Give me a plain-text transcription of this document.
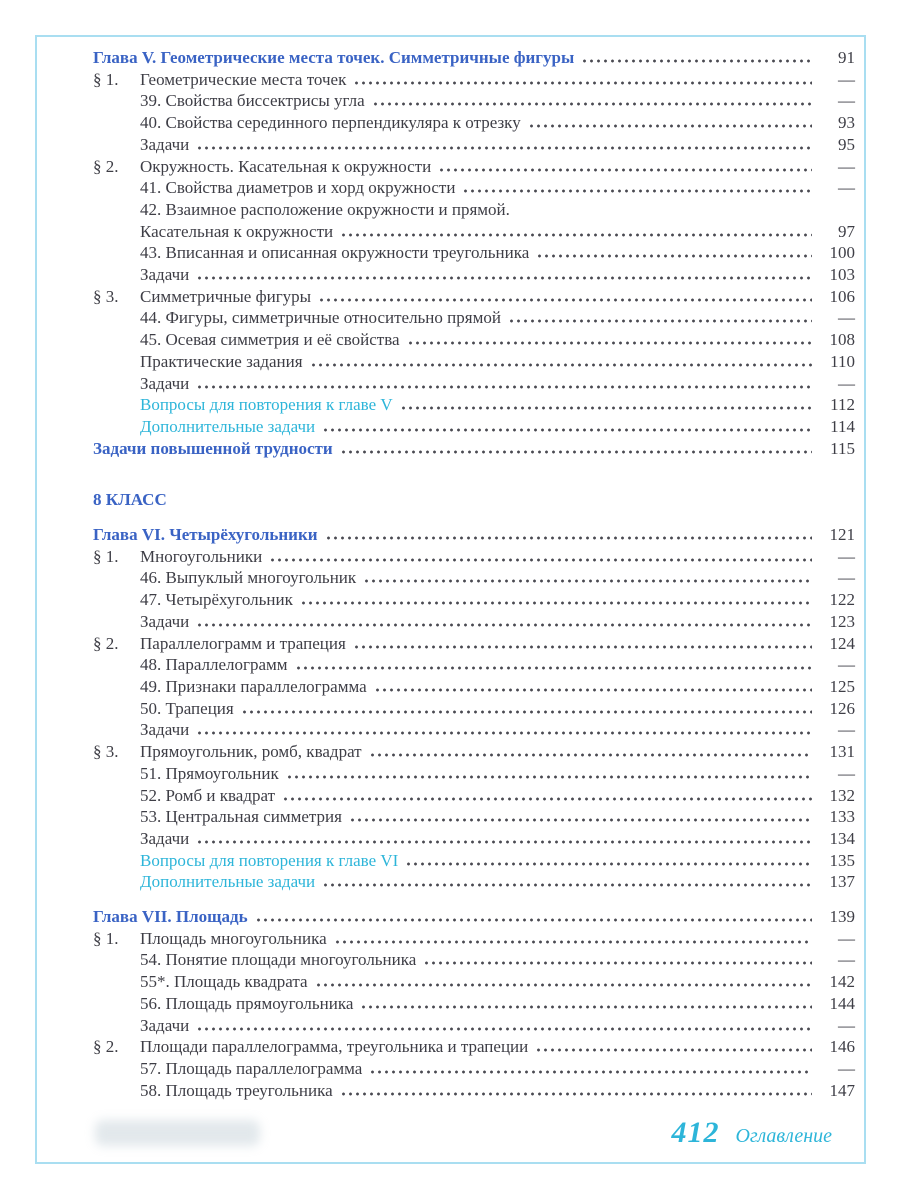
Глава V. Геометрические места точек. Симметричные фигуры	91
§ 1.	Геометрические места точек	—
39. Свойства биссектрисы угла	—
40. Свойства серединного перпендикуляра к отрезку	93
Задачи	95
§ 2.	Окружность. Касательная к окружности	—
41. Свойства диаметров и хорд окружности	—
42. Взаимное расположение окружности и прямой.
Касательная к окружности	97
43. Вписанная и описанная окружности треугольника	100
Задачи	103
§ 3.	Симметричные фигуры	106
44. Фигуры, симметричные относительно прямой	—
45. Осевая симметрия и её свойства	108
Практические задания	110
Задачи	—
Вопросы для повторения к главе V	112
Дополнительные задачи	114
Задачи повышенной трудности	115
8 КЛАСС
Глава VI. Четырёхугольники	121
§ 1.	Многоугольники	—
46. Выпуклый многоугольник	—
47. Четырёхугольник	122
Задачи	123
§ 2.	Параллелограмм и трапеция	124
48. Параллелограмм	—
49. Признаки параллелограмма	125
50. Трапеция	126
Задачи	—
§ 3.	Прямоугольник, ромб, квадрат	131
51. Прямоугольник	—
52. Ромб и квадрат	132
53. Центральная симметрия	133
Задачи	134
Вопросы для повторения к главе VI	135
Дополнительные задачи	137
Глава VII. Площадь	139
§ 1.	Площадь многоугольника	—
54. Понятие площади многоугольника	—
55*. Площадь квадрата	142
56. Площадь прямоугольника	144
Задачи	—
§ 2.	Площади параллелограмма, треугольника и трапеции	146
57. Площадь параллелограмма	—
58. Площадь треугольника	147
412 Оглавление
